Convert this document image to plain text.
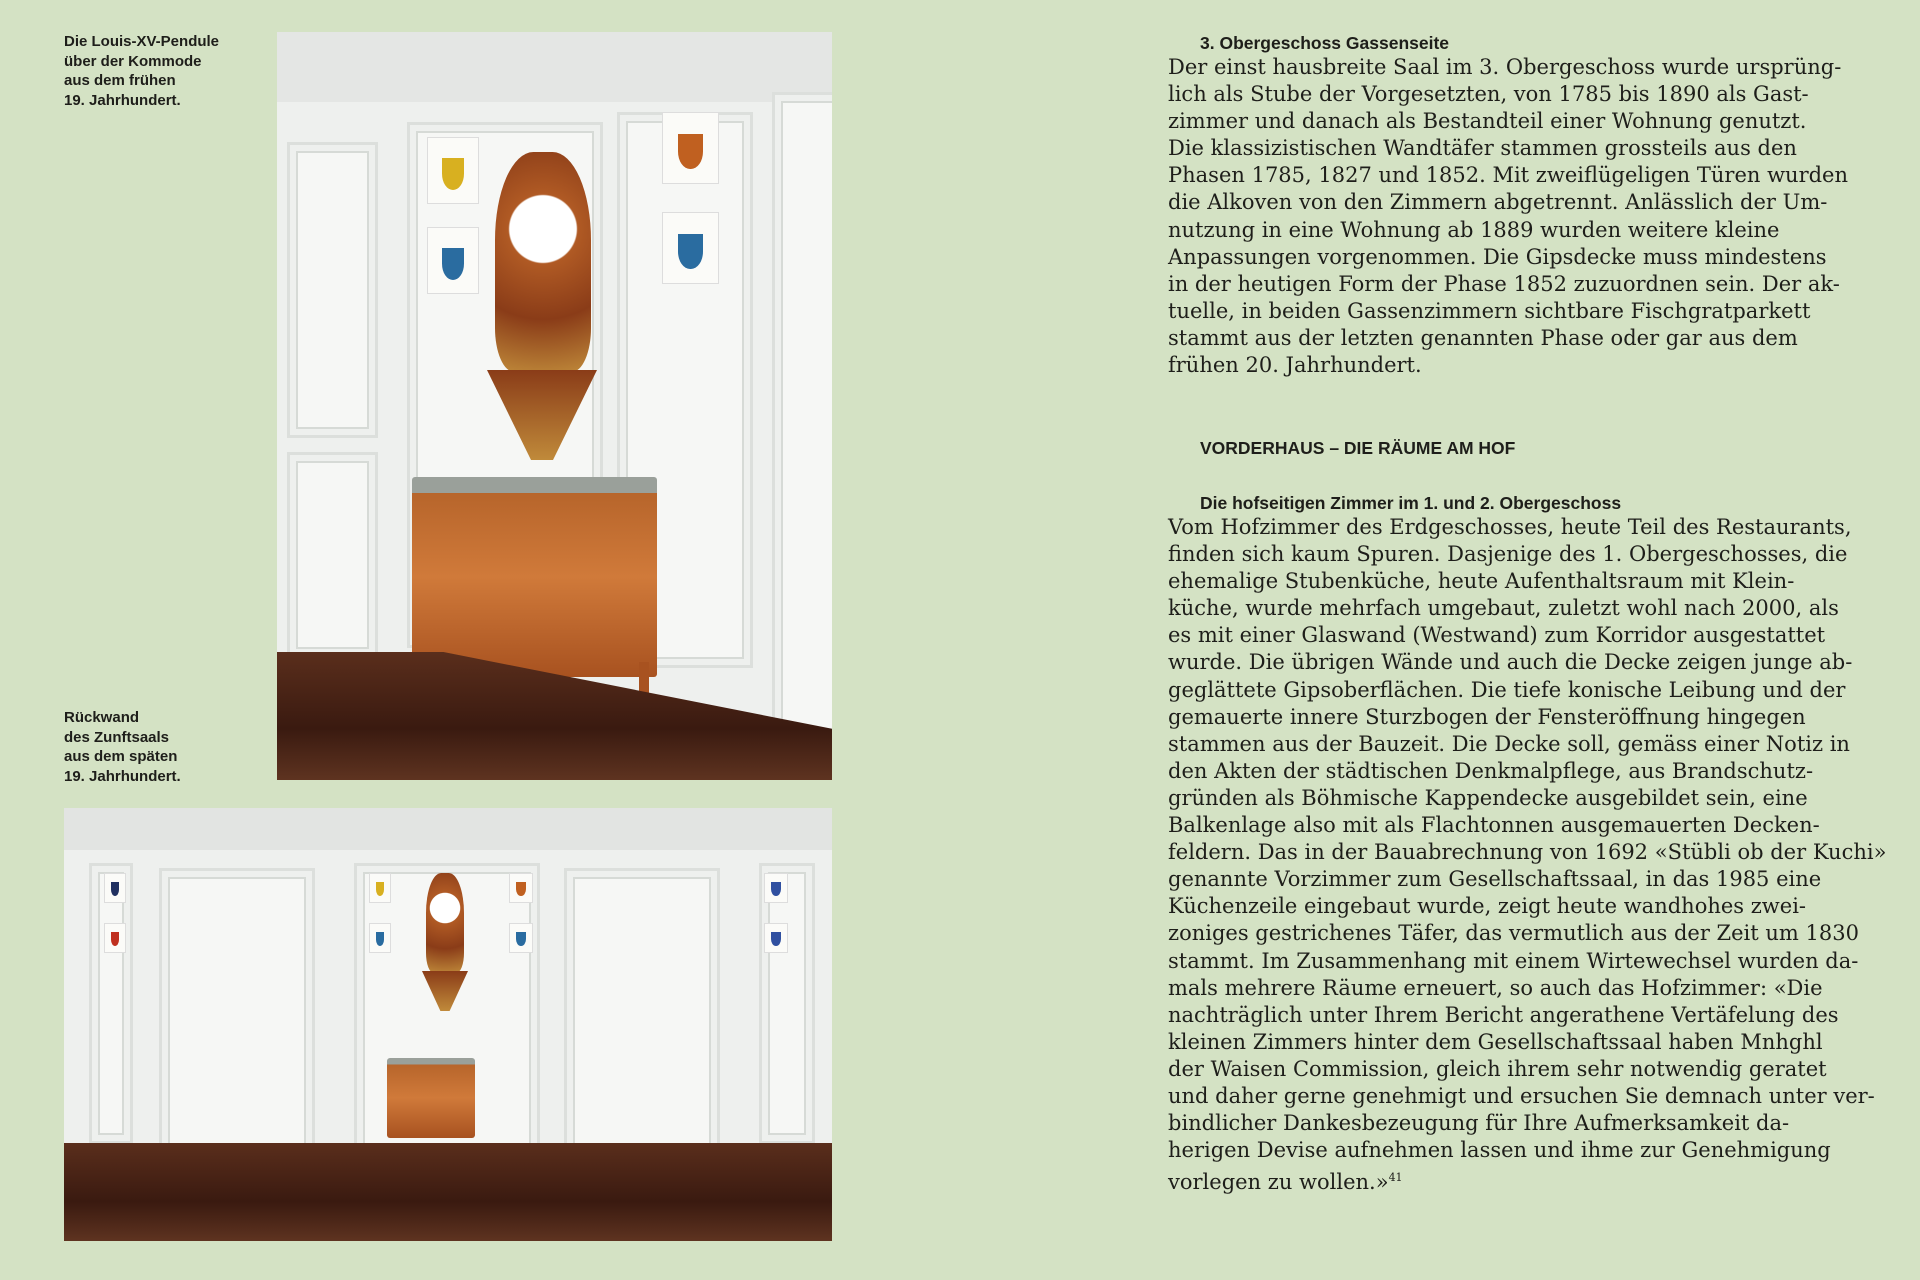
Die Louis-XV-Pendule
über der Kommode
aus dem frühen
19. Jahrhundert.
Rückwand
des Zunftsaals
aus dem späten
19. Jahrhundert.
3. Obergeschoss Gassenseite
Der einst hausbreite Saal im 3. Obergeschoss wurde ursprüng-
lich als Stube der Vorgesetzten, von 1785 bis 1890 als Gast-
zimmer und danach als Bestandteil einer Wohnung genutzt.
Die klassizistischen Wandtäfer stammen grossteils aus den
Phasen 1785, 1827 und 1852. Mit zweiflügeligen Türen wurden
die Alkoven von den Zimmern abgetrennt. Anlässlich der Um-
nutzung in eine Wohnung ab 1889 wurden weitere kleine
Anpassungen vorgenommen. Die Gipsdecke muss mindestens
in der heutigen Form der Phase 1852 zuzuordnen sein. Der ak-
tuelle, in beiden Gassenzimmern sichtbare Fischgratparkett
stammt aus der letzten genannten Phase oder gar aus dem
frühen 20. Jahrhundert.
VORDERHAUS – DIE RÄUME AM HOF
Die hofseitigen Zimmer im 1. und 2. Obergeschoss
Vom Hofzimmer des Erdgeschosses, heute Teil des Restaurants,
finden sich kaum Spuren. Dasjenige des 1. Obergeschosses, die
ehemalige Stubenküche, heute Aufenthaltsraum mit Klein-
küche, wurde mehrfach umgebaut, zuletzt wohl nach 2000, als
es mit einer Glaswand (Westwand) zum Korridor ausgestattet
wurde. Die übrigen Wände und auch die Decke zeigen junge ab-
geglättete Gipsoberflächen. Die tiefe konische Leibung und der
gemauerte innere Sturzbogen der Fensteröffnung hingegen
stammen aus der Bauzeit. Die Decke soll, gemäss einer Notiz in
den Akten der städtischen Denkmalpflege, aus Brandschutz-
gründen als Böhmische Kappendecke ausgebildet sein, eine
Balkenlage also mit als Flachtonnen ausgemauerten Decken-
feldern. Das in der Bauabrechnung von 1692 «Stübli ob der Kuchi»
genannte Vorzimmer zum Gesellschaftssaal, in das 1985 eine
Küchenzeile eingebaut wurde, zeigt heute wandhohes zwei-
zoniges gestrichenes Täfer, das vermutlich aus der Zeit um 1830
stammt. Im Zusammenhang mit einem Wirtewechsel wurden da-
mals mehrere Räume erneuert, so auch das Hofzimmer: «Die
nachträglich unter Ihrem Bericht angerathene Vertäfelung des
kleinen Zimmers hinter dem Gesellschaftssaal haben Mnhghl
der Waisen Commission, gleich ihrem sehr notwendig geratet
und daher gerne genehmigt und ersuchen Sie demnach unter ver-
bindlicher Dankesbezeugung für Ihre Aufmerksamkeit da-
herigen Devise aufnehmen lassen und ihme zur Genehmigung
vorlegen zu wollen.»$^{41}$
